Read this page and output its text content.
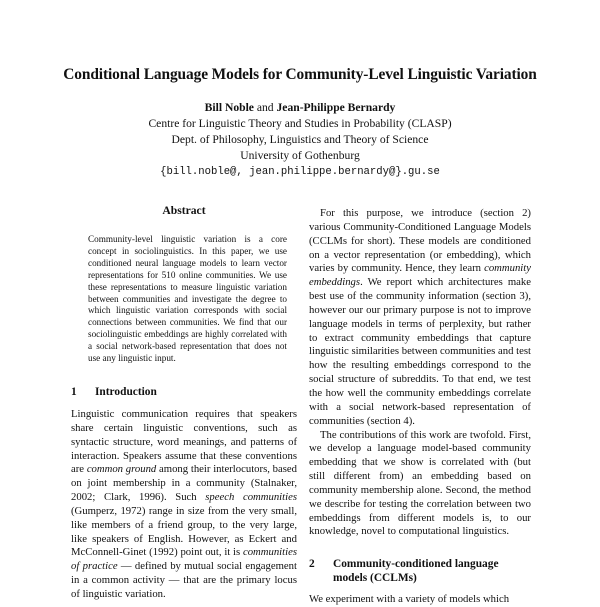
Conditional Language Models for Community-Level Linguistic Variation
Bill Noble and Jean-Philippe Bernardy
Centre for Linguistic Theory and Studies in Probability (CLASP)
Dept. of Philosophy, Linguistics and Theory of Science
University of Gothenburg
{bill.noble@, jean.philippe.bernardy@}.gu.se
Abstract

Community-level linguistic variation is a core concept in sociolinguistics. In this paper, we use conditioned neural language models to learn vector representations for 510 online communities. We use these representations to measure linguistic variation between communities and investigate the degree to which linguistic variation corresponds with social connections between communities. We find that our sociolinguistic embeddings are highly correlated with a social network-based representation that does not use any linguistic input.

1	Introduction

Linguistic communication requires that speakers share certain linguistic conventions, such as syntactic structure, word meanings, and patterns of interaction. Speakers assume that these conventions are common ground among their interlocutors, based on joint membership in a community (Stalnaker, 2002; Clark, 1996). Such speech communities (Gumperz, 1972) range in size from the very small, like members of a friend group, to the very large, like speakers of English. However, as Eckert and McConnell-Ginet (1992) point out, it is communities of practice — defined by mutual social engagement in a common activity — that are the primary locus of linguistic variation.

For this purpose, we introduce (section 2) various Community-Conditioned Language Models (CCLMs for short). These models are conditioned on a vector representation (or embedding), which varies by community. Hence, they learn community embeddings. We report which architectures make best use of the community information (section 3), however our our primary purpose is not to improve language models in terms of perplexity, but rather to extract community embeddings that capture linguistic similarities between communities and test how the resulting embeddings correspond to the social structure of subreddits. To that end, we test the how well the community embeddings correlate with a social network-based representation of communities (section 4).

The contributions of this work are twofold. First, we develop a language model-based community embedding that we show is correlated with (but still different from) an embedding based on community membership alone. Second, the method we describe for testing the correlation between two embeddings from different models is, to our knowledge, novel to computational linguistics.

2	Community-conditioned language
models (CCLMs)

We experiment with a variety of models which
